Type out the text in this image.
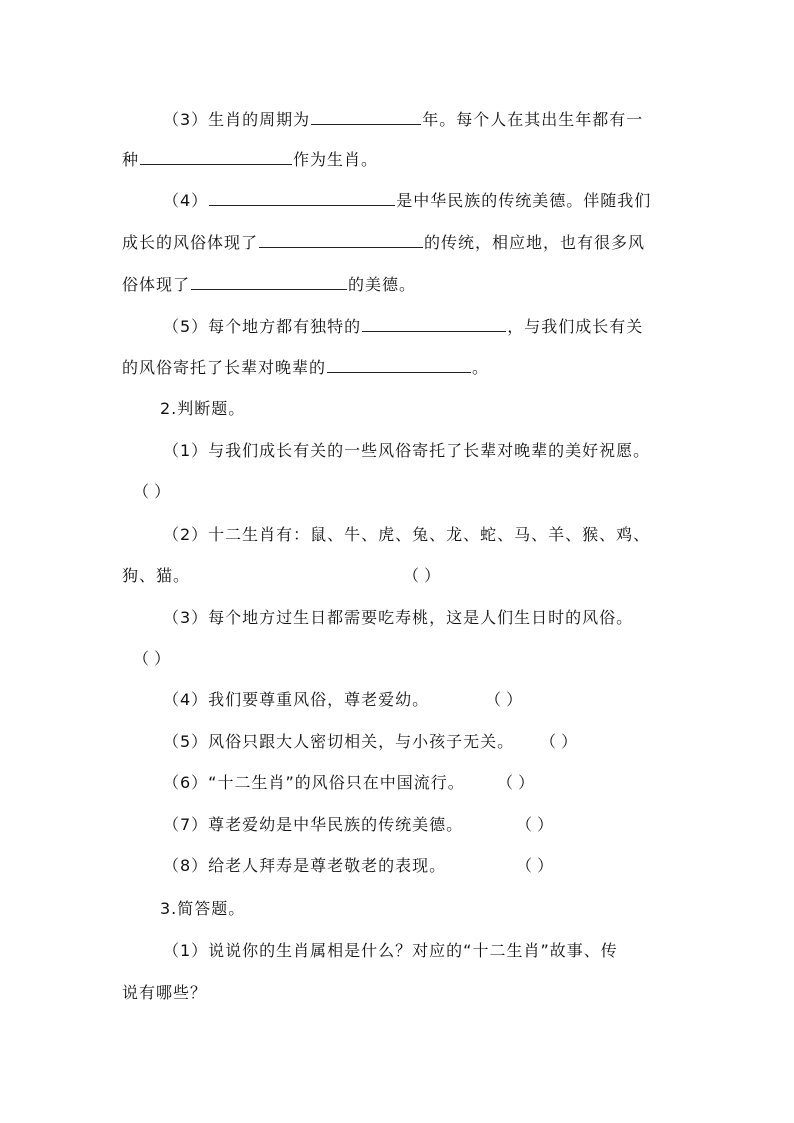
（3）生肖的周期为	年。每个人在其出生年都有一
种	作为生肖。
（4）	是中华民族的传统美德。伴随我们
成长的风俗体现了	的传统，相应地，也有很多风
俗体现了	的美德。
（5）每个地方都有独特的	，与我们成长有关
的风俗寄托了长辈对晚辈的	。
2.判断题。
（1）与我们成长有关的一些风俗寄托了长辈对晚辈的美好祝愿。
（ ）
（2）十二生肖有：鼠、牛、虎、兔、龙、蛇、马、羊、猴、鸡、
狗、猫。	（ ）
（3）每个地方过生日都需要吃寿桃，这是人们生日时的风俗。
（ ）
（4）我们要尊重风俗，尊老爱幼。	（ ）
（5）风俗只跟大人密切相关，与小孩子无关。 （ ）
（6）“十二生肖”的风俗只在中国流行。 （ ）
（7）尊老爱幼是中华民族的传统美德。	（ ）
（8）给老人拜寿是尊老敬老的表现。	（ ）
3.简答题。
（1）说说你的生肖属相是什么？对应的“十二生肖”故事、传
说有哪些？
